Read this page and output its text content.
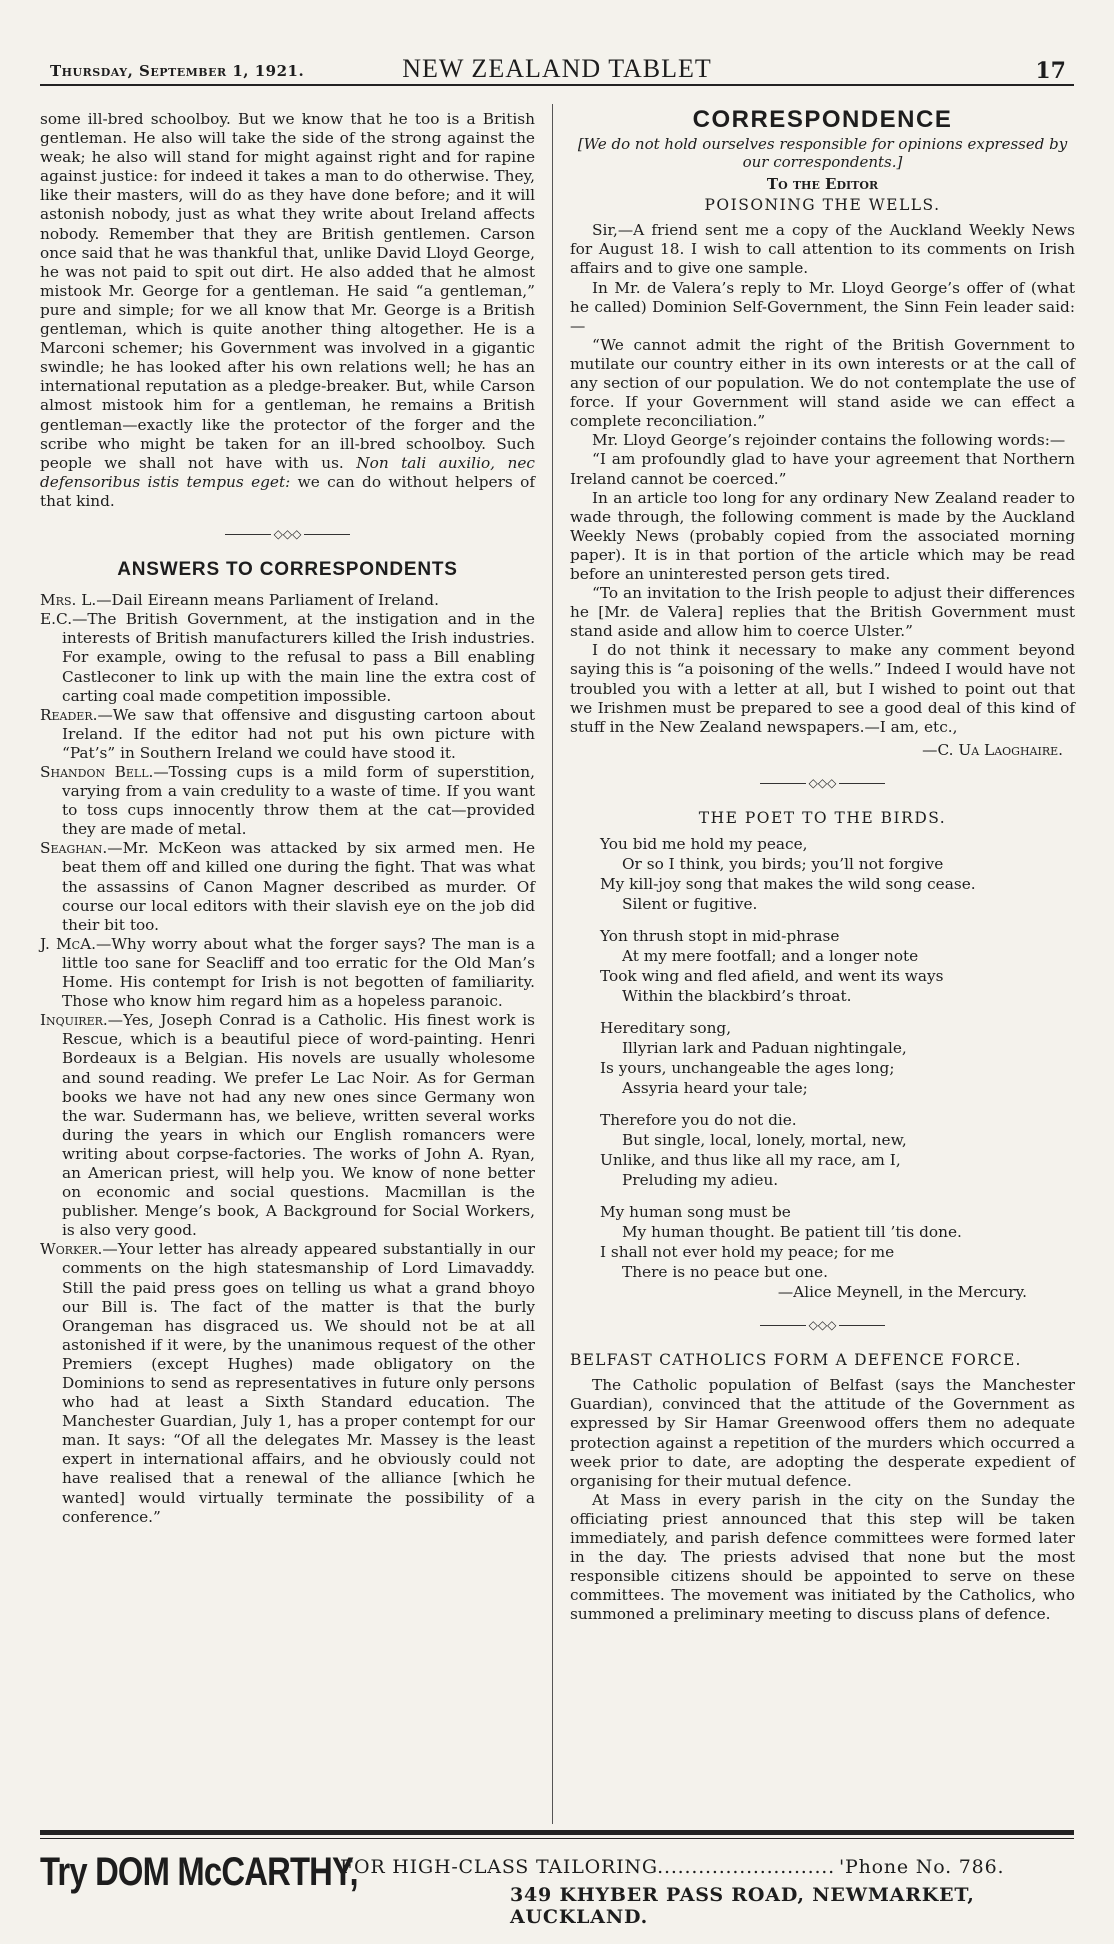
Thursday, September 1, 1921.	NEW ZEALAND TABLET	17

some ill-bred schoolboy. But we know that he too is a British gentleman. He also will take the side of the strong against the weak; he also will stand for might against right and for rapine against justice: for indeed it takes a man to do otherwise. They, like their masters, will do as they have done before; and it will astonish nobody, just as what they write about Ireland affects nobody. Remember that they are British gentlemen. Carson once said that he was thankful that, unlike David Lloyd George, he was not paid to spit out dirt. He also added that he almost mistook Mr. George for a gentleman. He said “a gentleman,” pure and simple; for we all know that Mr. George is a British gentleman, which is quite another thing altogether. He is a Marconi schemer; his Government was involved in a gigantic swindle; he has looked after his own relations well; he has an international reputation as a pledge-breaker. But, while Carson almost mistook him for a gentleman, he remains a British gentleman—exactly like the protector of the forger and the scribe who might be taken for an ill-bred schoolboy. Such people we shall not have with us. Non tali auxilio, nec defensoribus istis tempus eget: we can do without helpers of that kind.

◇◇◇
ANSWERS TO CORRESPONDENTS

Mrs. L.—Dail Eireann means Parliament of Ireland.

E.C.—The British Government, at the instigation and in the interests of British manufacturers killed the Irish industries. For example, owing to the refusal to pass a Bill enabling Castleconer to link up with the main line the extra cost of carting coal made competition impossible.

Reader.—We saw that offensive and disgusting cartoon about Ireland. If the editor had not put his own picture with “Pat’s” in Southern Ireland we could have stood it.

Shandon Bell.—Tossing cups is a mild form of superstition, varying from a vain credulity to a waste of time. If you want to toss cups innocently throw them at the cat—provided they are made of metal.

Seaghan.—Mr. McKeon was attacked by six armed men. He beat them off and killed one during the fight. That was what the assassins of Canon Magner described as murder. Of course our local editors with their slavish eye on the job did their bit too.

J. McA.—Why worry about what the forger says? The man is a little too sane for Seacliff and too erratic for the Old Man’s Home. His contempt for Irish is not begotten of familiarity. Those who know him regard him as a hopeless paranoic.

Inquirer.—Yes, Joseph Conrad is a Catholic. His finest work is Rescue, which is a beautiful piece of word-painting. Henri Bordeaux is a Belgian. His novels are usually wholesome and sound reading. We prefer Le Lac Noir. As for German books we have not had any new ones since Germany won the war. Sudermann has, we believe, written several works during the years in which our English romancers were writing about corpse-factories. The works of John A. Ryan, an American priest, will help you. We know of none better on economic and social questions. Macmillan is the publisher. Menge’s book, A Background for Social Workers, is also very good.

Worker.—Your letter has already appeared substantially in our comments on the high statesmanship of Lord Limavaddy. Still the paid press goes on telling us what a grand bhoyo our Bill is. The fact of the matter is that the burly Orangeman has disgraced us. We should not be at all astonished if it were, by the unanimous request of the other Premiers (except Hughes) made obligatory on the Dominions to send as representatives in future only persons who had at least a Sixth Standard education. The Manchester Guardian, July 1, has a proper contempt for our man. It says: “Of all the delegates Mr. Massey is the least expert in international affairs, and he obviously could not have realised that a renewal of the alliance [which he wanted] would virtually terminate the possibility of a conference.”

CORRESPONDENCE
[We do not hold ourselves responsible for opinions expressed by our correspondents.]
To the Editor
POISONING THE WELLS.

Sir,—A friend sent me a copy of the Auckland Weekly News for August 18. I wish to call attention to its comments on Irish affairs and to give one sample.

In Mr. de Valera’s reply to Mr. Lloyd George’s offer of (what he called) Dominion Self-Government, the Sinn Fein leader said:—

“We cannot admit the right of the British Government to mutilate our country either in its own interests or at the call of any section of our population. We do not contemplate the use of force. If your Government will stand aside we can effect a complete reconciliation.”

Mr. Lloyd George’s rejoinder contains the following words:—

“I am profoundly glad to have your agreement that Northern Ireland cannot be coerced.”

In an article too long for any ordinary New Zealand reader to wade through, the following comment is made by the Auckland Weekly News (probably copied from the associated morning paper). It is in that portion of the article which may be read before an uninterested person gets tired.

“To an invitation to the Irish people to adjust their differences he [Mr. de Valera] replies that the British Government must stand aside and allow him to coerce Ulster.”

I do not think it necessary to make any comment beyond saying this is “a poisoning of the wells.” Indeed I would have not troubled you with a letter at all, but I wished to point out that we Irishmen must be prepared to see a good deal of this kind of stuff in the New Zealand newspapers.—I am, etc.,

—C. Ua Laoghaire.
◇◇◇
THE POET TO THE BIRDS.
You bid me hold my peace,
Or so I think, you birds; you’ll not forgive
My kill-joy song that makes the wild song cease.
Silent or fugitive.
Yon thrush stopt in mid-phrase
At my mere footfall; and a longer note
Took wing and fled afield, and went its ways
Within the blackbird’s throat.
Hereditary song,
Illyrian lark and Paduan nightingale,
Is yours, unchangeable the ages long;
Assyria heard your tale;
Therefore you do not die.
But single, local, lonely, mortal, new,
Unlike, and thus like all my race, am I,
Preluding my adieu.
My human song must be
My human thought. Be patient till ’tis done.
I shall not ever hold my peace; for me
There is no peace but one.
—Alice Meynell, in the Mercury.
◇◇◇
BELFAST CATHOLICS FORM A DEFENCE FORCE.

The Catholic population of Belfast (says the Manchester Guardian), convinced that the attitude of the Government as expressed by Sir Hamar Greenwood offers them no adequate protection against a repetition of the murders which occurred a week prior to date, are adopting the desperate expedient of organising for their mutual defence.

At Mass in every parish in the city on the Sunday the officiating priest announced that this step will be taken immediately, and parish defence committees were formed later in the day. The priests advised that none but the most responsible citizens should be appointed to serve on these committees. The movement was initiated by the Catholics, who summoned a preliminary meeting to discuss plans of defence.

Try DOM McCARTHY,
FOR HIGH-CLASS TAILORING.......................... 'Phone No. 786.
349 KHYBER PASS ROAD, NEWMARKET, AUCKLAND.
